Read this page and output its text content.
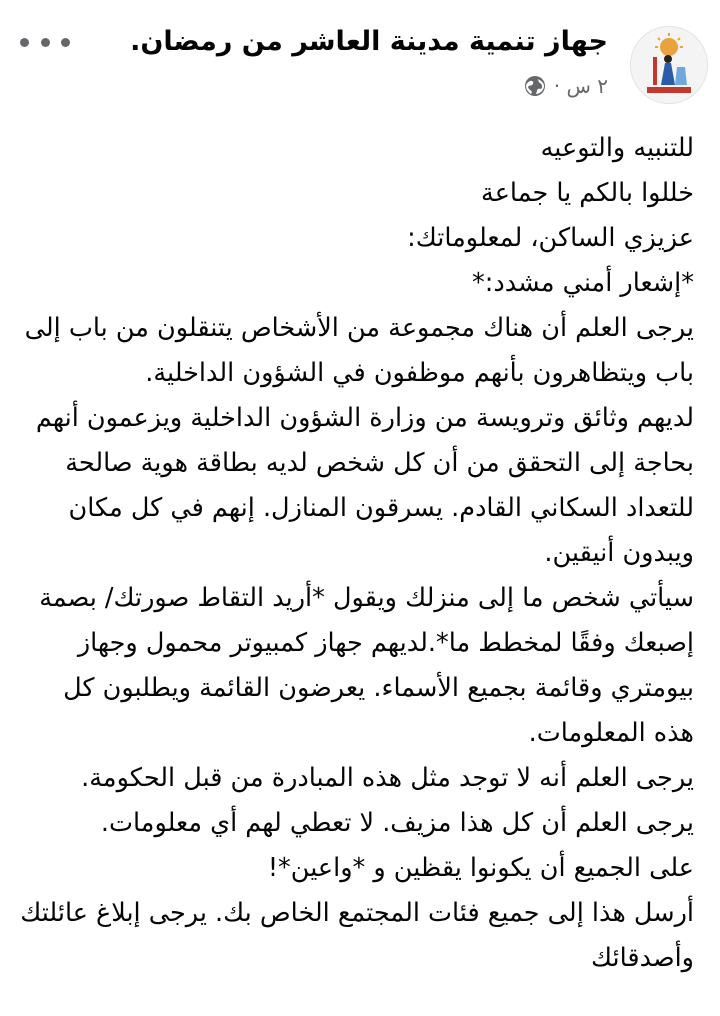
جهاز تنمية مدينة العاشر من رمضان.
٢ س ·

للتنبيه والتوعيه

خللوا بالكم يا جماعة

عزيزي الساكن، لمعلوماتك:

*إشعار أمني مشدد:*

يرجى العلم أن هناك مجموعة من الأشخاص يتنقلون من باب إلى باب ويتظاهرون بأنهم موظفون في الشؤون الداخلية.

لديهم وثائق وترويسة من وزارة الشؤون الداخلية ويزعمون أنهم بحاجة إلى التحقق من أن كل شخص لديه بطاقة هوية صالحة للتعداد السكاني القادم. يسرقون المنازل. إنهم في كل مكان ويبدون أنيقين.

سيأتي شخص ما إلى منزلك ويقول *أريد التقاط صورتك/ بصمة إصبعك وفقًا لمخطط ما*.لديهم جهاز كمبيوتر محمول وجهاز بيومتري وقائمة بجميع الأسماء. يعرضون القائمة ويطلبون كل هذه المعلومات.

يرجى العلم أنه لا توجد مثل هذه المبادرة من قبل الحكومة.

يرجى العلم أن كل هذا مزيف. لا تعطي لهم أي معلومات.

على الجميع أن يكونوا يقظين و *واعين*!

أرسل هذا إلى جميع فئات المجتمع الخاص بك. يرجى إبلاغ عائلتك وأصدقائك
